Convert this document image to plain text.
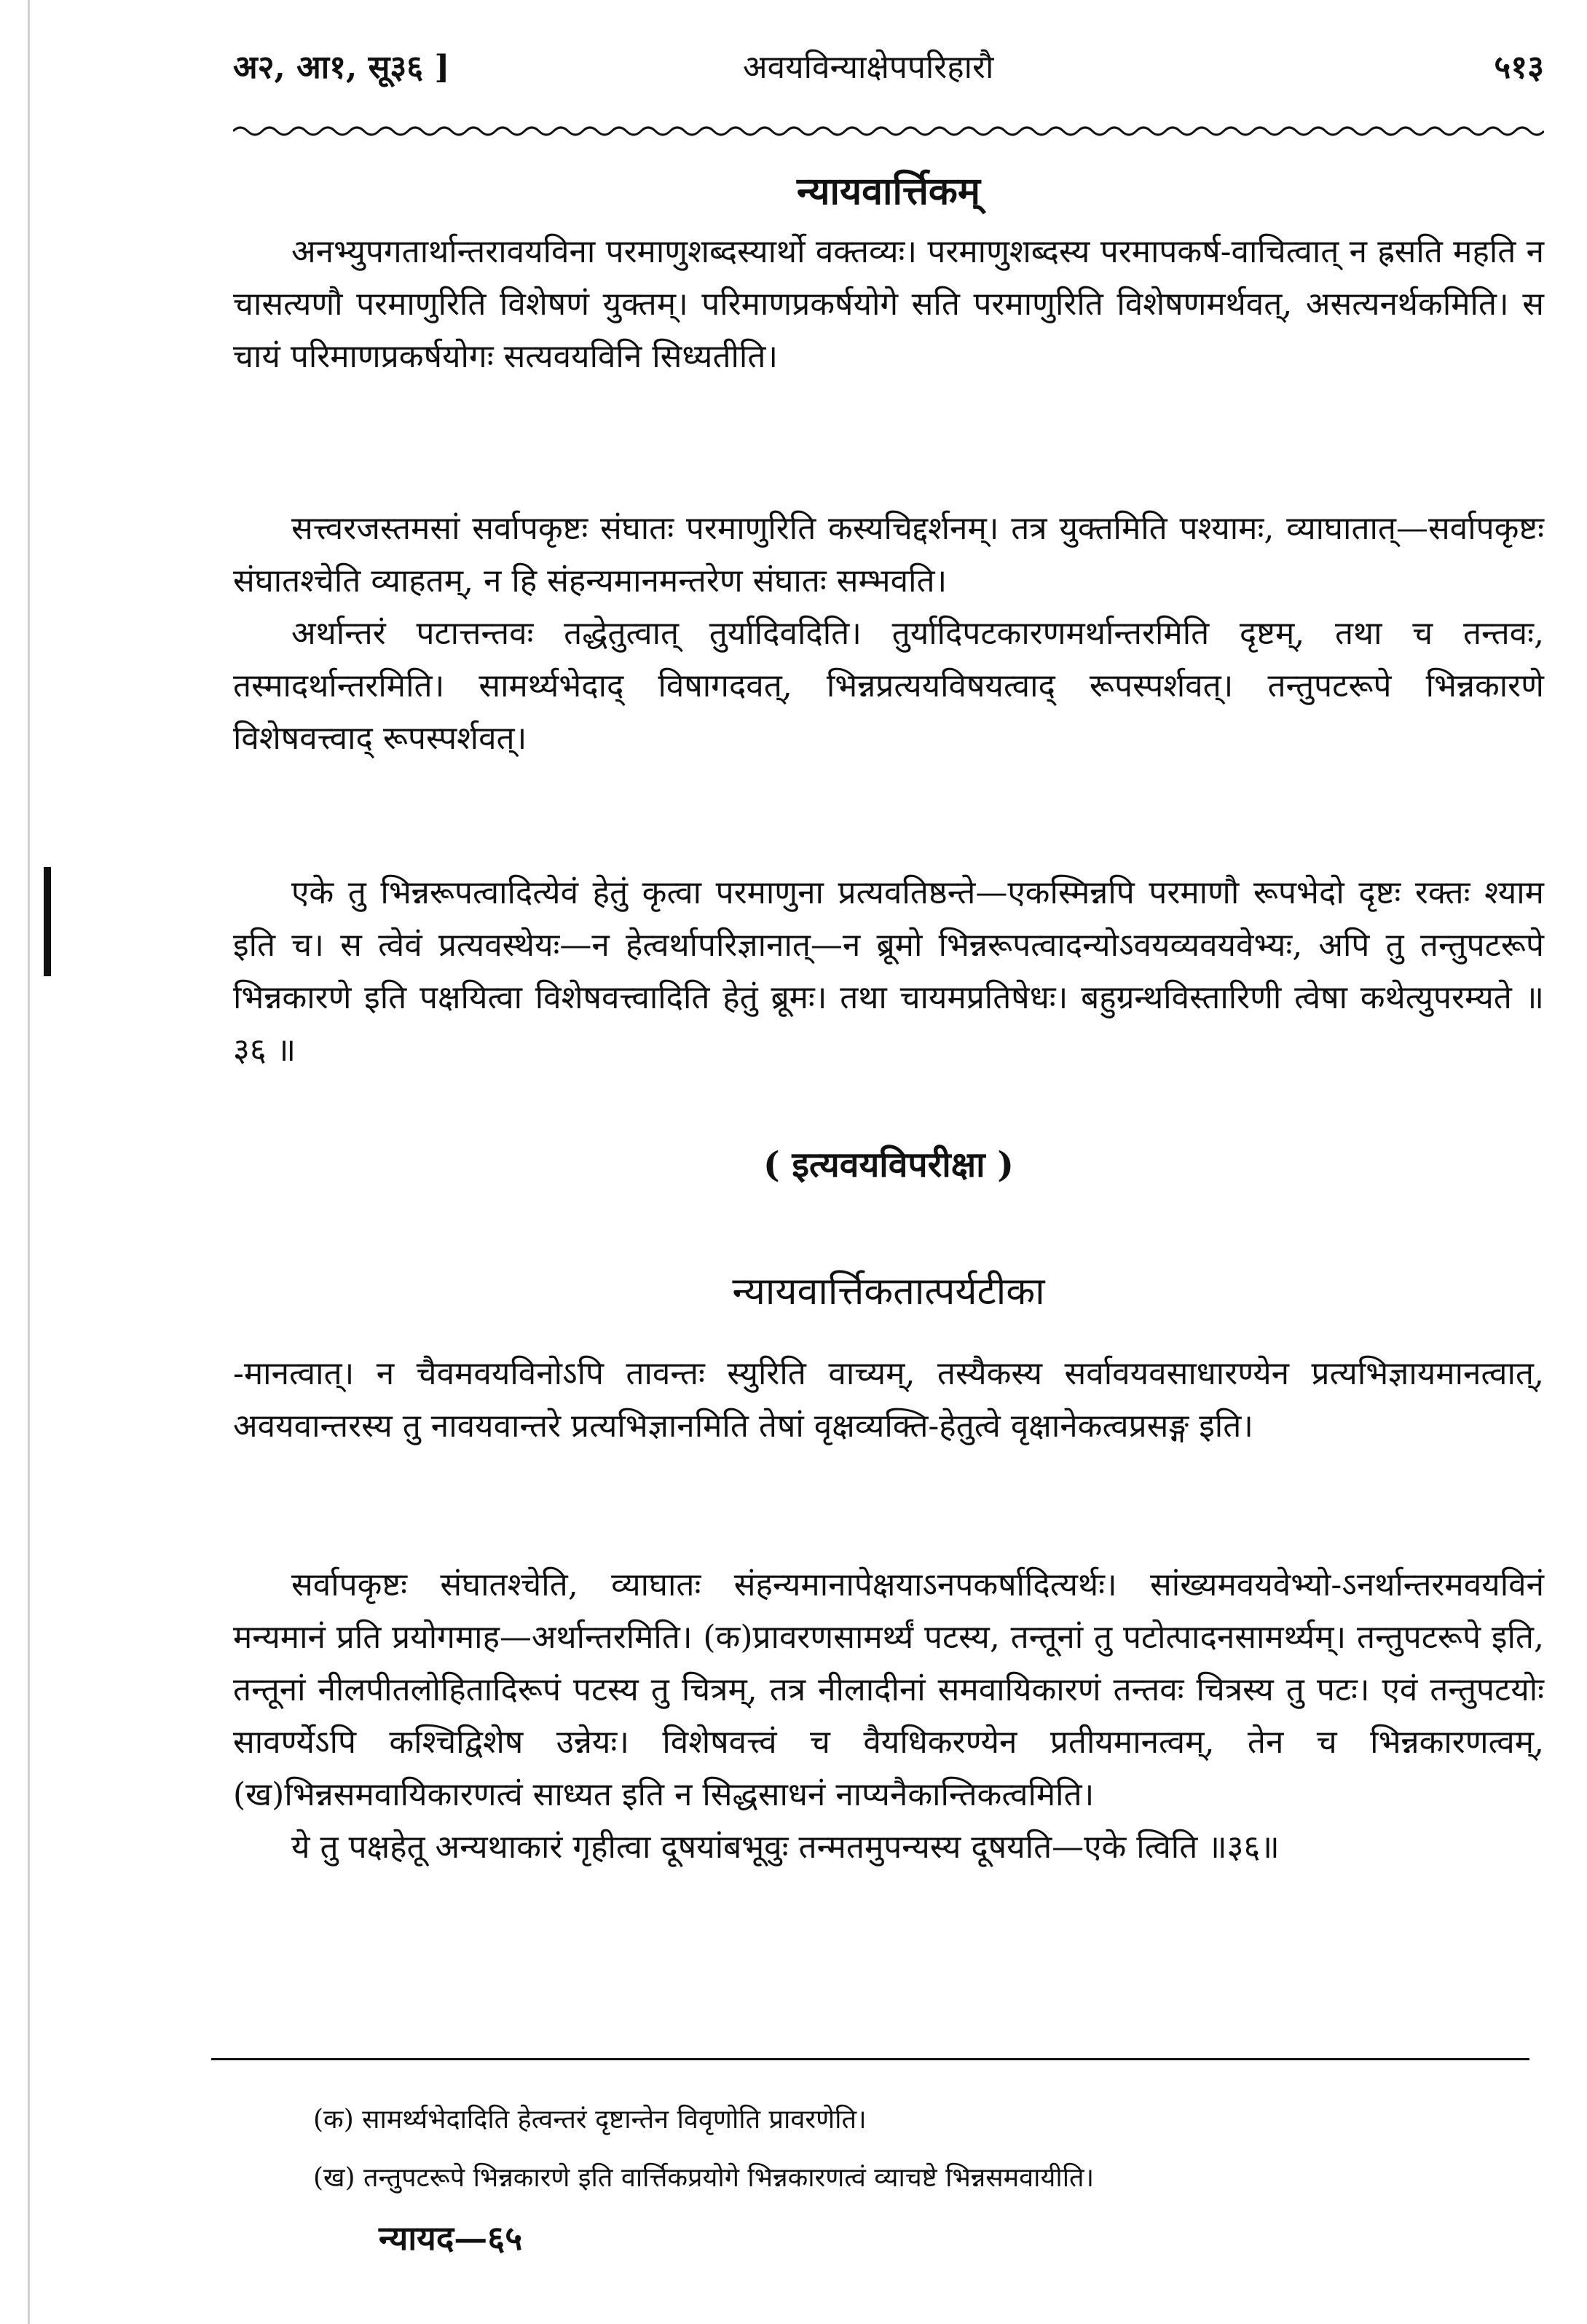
अ२, आ१, सू३६ ]	अवयविन्याक्षेपपरिहारौ	५१३
न्यायवार्त्तिकम्

अनभ्युपगतार्थान्तरावयविना परमाणुशब्दस्यार्थो वक्तव्यः। परमाणुशब्दस्य परमापकर्ष-वाचित्वात् न ह्रसति महति न चासत्यणौ परमाणुरिति विशेषणं युक्तम्। परिमाणप्रकर्षयोगे सति परमाणुरिति विशेषणमर्थवत्, असत्यनर्थकमिति। स चायं परिमाणप्रकर्षयोगः सत्यवयविनि सिध्यतीति।

सत्त्वरजस्तमसां सर्वापकृष्टः संघातः परमाणुरिति कस्यचिद्दर्शनम्। तत्र युक्तमिति पश्यामः, व्याघातात्—सर्वापकृष्टः संघातश्चेति व्याहतम्, न हि संहन्यमानमन्तरेण संघातः सम्भवति।

अर्थान्तरं पटात्तन्तवः तद्धेतुत्वात् तुर्यादिवदिति। तुर्यादिपटकारणमर्थान्तरमिति दृष्टम्, तथा च तन्तवः, तस्मादर्थान्तरमिति। सामर्थ्यभेदाद् विषागदवत्, भिन्नप्रत्ययविषयत्वाद् रूपस्पर्शवत्। तन्तुपटरूपे भिन्नकारणे विशेषवत्त्वाद् रूपस्पर्शवत्।

एके तु भिन्नरूपत्वादित्येवं हेतुं कृत्वा परमाणुना प्रत्यवतिष्ठन्ते—एकस्मिन्नपि परमाणौ रूपभेदो दृष्टः रक्तः श्याम इति च। स त्वेवं प्रत्यवस्थेयः—न हेत्वर्थापरिज्ञानात्—न ब्रूमो भिन्नरूपत्वादन्योऽवयव्यवयवेभ्यः, अपि तु तन्तुपटरूपे भिन्नकारणे इति पक्षयित्वा विशेषवत्त्वादिति हेतुं ब्रूमः। तथा चायमप्रतिषेधः। बहुग्रन्थविस्तारिणी त्वेषा कथेत्युपरम्यते ॥ ३६ ॥

( इत्यवयविपरीक्षा )
न्यायवार्त्तिकतात्पर्यटीका

-मानत्वात्। न चैवमवयविनोऽपि तावन्तः स्युरिति वाच्यम्, तस्यैकस्य सर्वावयवसाधारण्येन प्रत्यभिज्ञायमानत्वात्, अवयवान्तरस्य तु नावयवान्तरे प्रत्यभिज्ञानमिति तेषां वृक्षव्यक्ति-हेतुत्वे वृक्षानेकत्वप्रसङ्ग इति।

सर्वापकृष्टः संघातश्चेति, व्याघातः संहन्यमानापेक्षयाऽनपकर्षादित्यर्थः। सांख्यमवयवेभ्यो-ऽनर्थान्तरमवयविनं मन्यमानं प्रति प्रयोगमाह—अर्थान्तरमिति। (क)प्रावरणसामर्थ्यं पटस्य, तन्तूनां तु पटोत्पादनसामर्थ्यम्। तन्तुपटरूपे इति, तन्तूनां नीलपीतलोहितादिरूपं पटस्य तु चित्रम्, तत्र नीलादीनां समवायिकारणं तन्तवः चित्रस्य तु पटः। एवं तन्तुपटयोः सावर्ण्येऽपि कश्चिद्विशेष उन्नेयः। विशेषवत्त्वं च वैयधिकरण्येन प्रतीयमानत्वम्, तेन च भिन्नकारणत्वम्, (ख)भिन्नसमवायिकारणत्वं साध्यत इति न सिद्धसाधनं नाप्यनैकान्तिकत्वमिति।

ये तु पक्षहेतू अन्यथाकारं गृहीत्वा दूषयांबभूवुः तन्मतमुपन्यस्य दूषयति—एके त्विति ॥३६॥

(क) सामर्थ्यभेदादिति हेत्वन्तरं दृष्टान्तेन विवृणोति प्रावरणेति।
(ख) तन्तुपटरूपे भिन्नकारणे इति वार्त्तिकप्रयोगे भिन्नकारणत्वं व्याचष्टे भिन्नसमवायीति।
न्यायद—६५
